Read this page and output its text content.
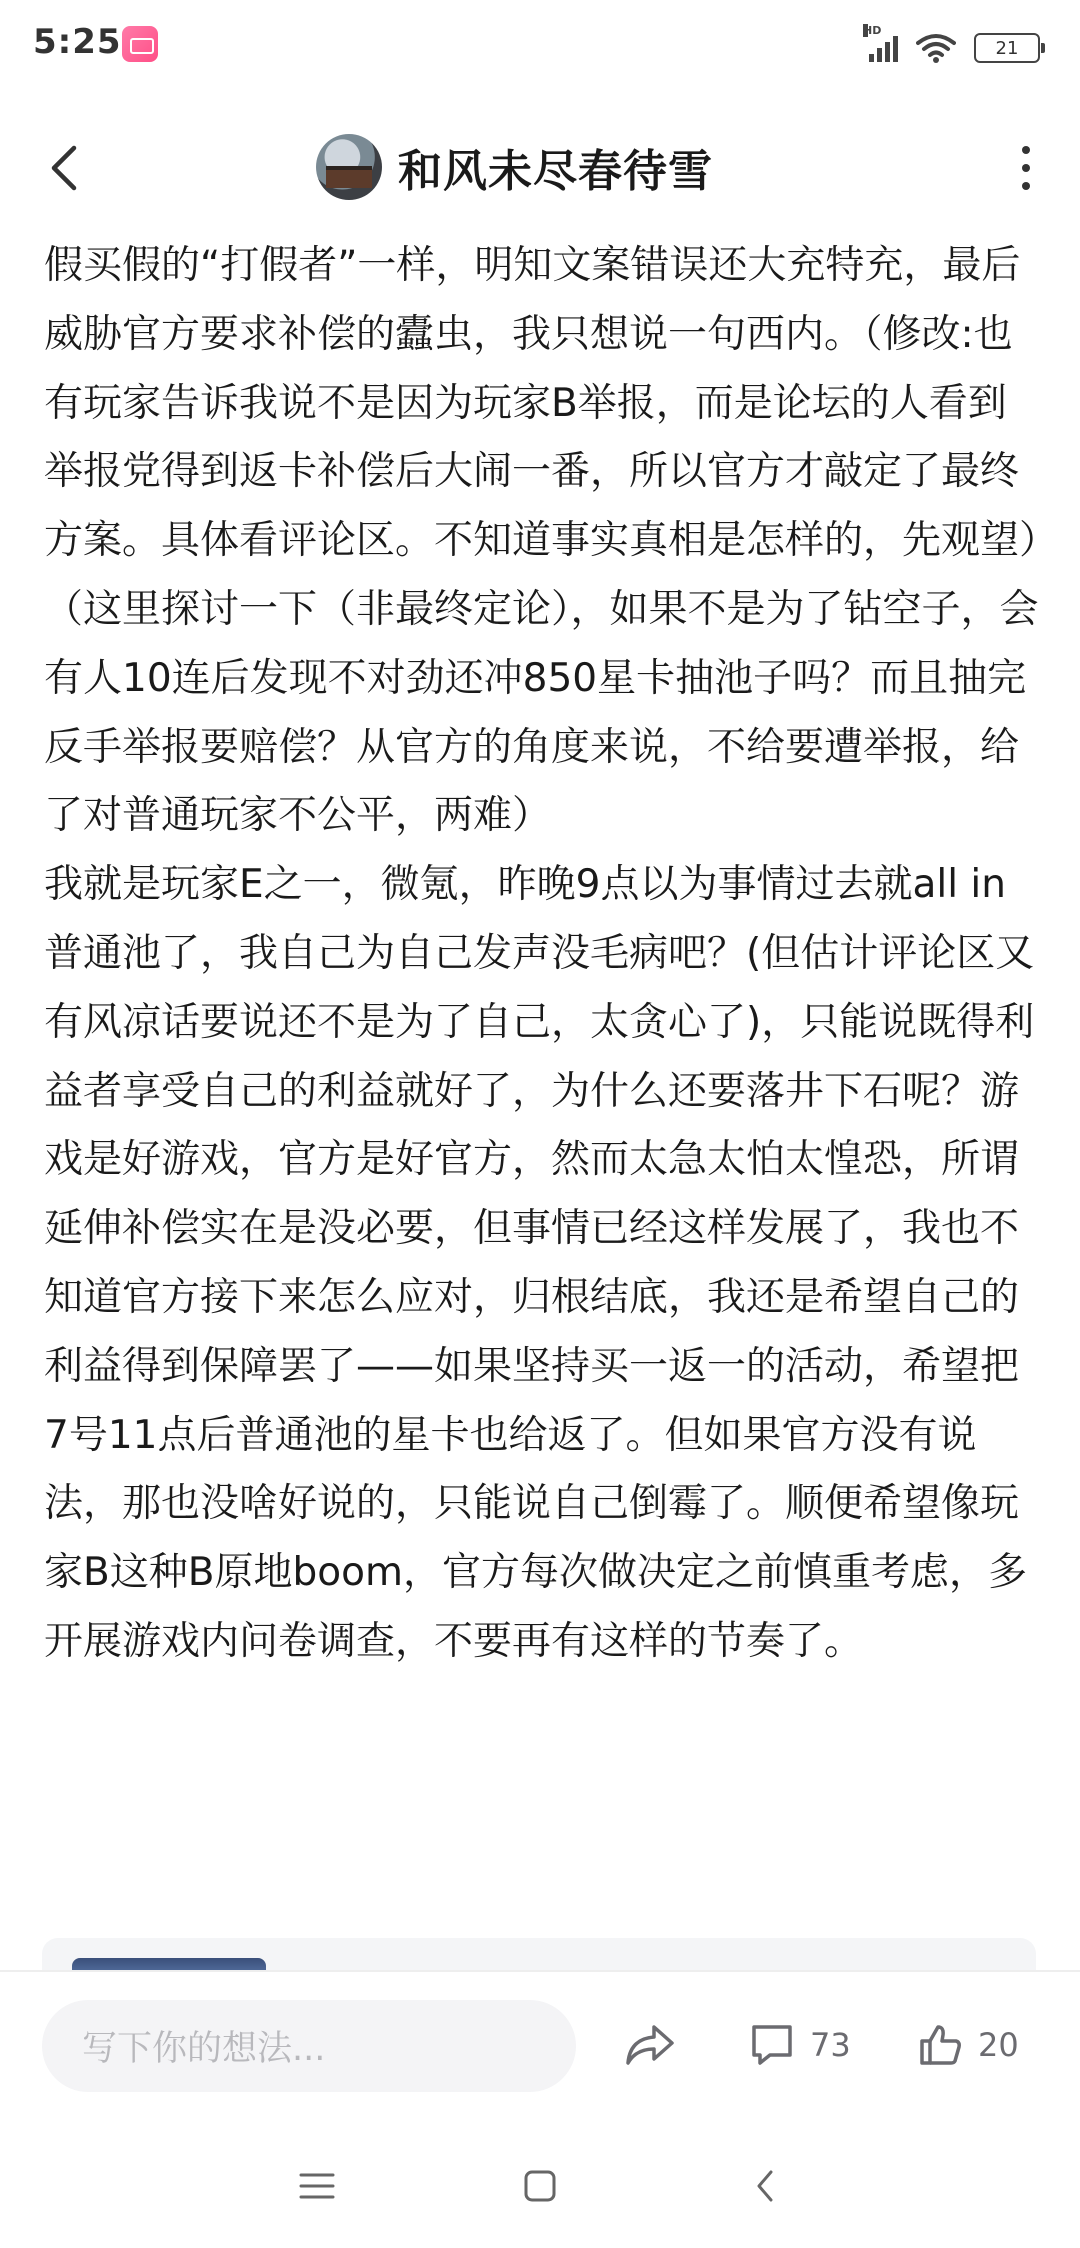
5:25	HD
21
和风未尽春待雪

假买假的“打假者”一样，明知文案错误还大充特充，最后威胁官方要求补偿的蠹虫，我只想说一句西内。（修改:也有玩家告诉我说不是因为玩家B举报，而是论坛的人看到举报党得到返卡补偿后大闹一番，所以官方才敲定了最终方案。具体看评论区。不知道事实真相是怎样的，先观望）

（这里探讨一下（非最终定论），如果不是为了钻空子，会有人10连后发现不对劲还冲850星卡抽池子吗？而且抽完反手举报要赔偿？从官方的角度来说，不给要遭举报，给了对普通玩家不公平，两难）

我就是玩家E之一，微氪，昨晚9点以为事情过去就all in普通池了，我自己为自己发声没毛病吧？(但估计评论区又有风凉话要说还不是为了自己，太贪心了)，只能说既得利益者享受自己的利益就好了，为什么还要落井下石呢？游戏是好游戏，官方是好官方，然而太急太怕太惶恐，所谓延伸补偿实在是没必要，但事情已经这样发展了，我也不知道官方接下来怎么应对，归根结底，我还是希望自己的利益得到保障罢了——如果坚持买一返一的活动，希望把7号11点后普通池的星卡也给返了。但如果官方没有说法，那也没啥好说的，只能说自己倒霉了。顺便希望像玩家B这种B原地boom，官方每次做决定之前慎重考虑，多开展游戏内问卷调查，不要再有这样的节奏了。

写下你的想法...	73	20
